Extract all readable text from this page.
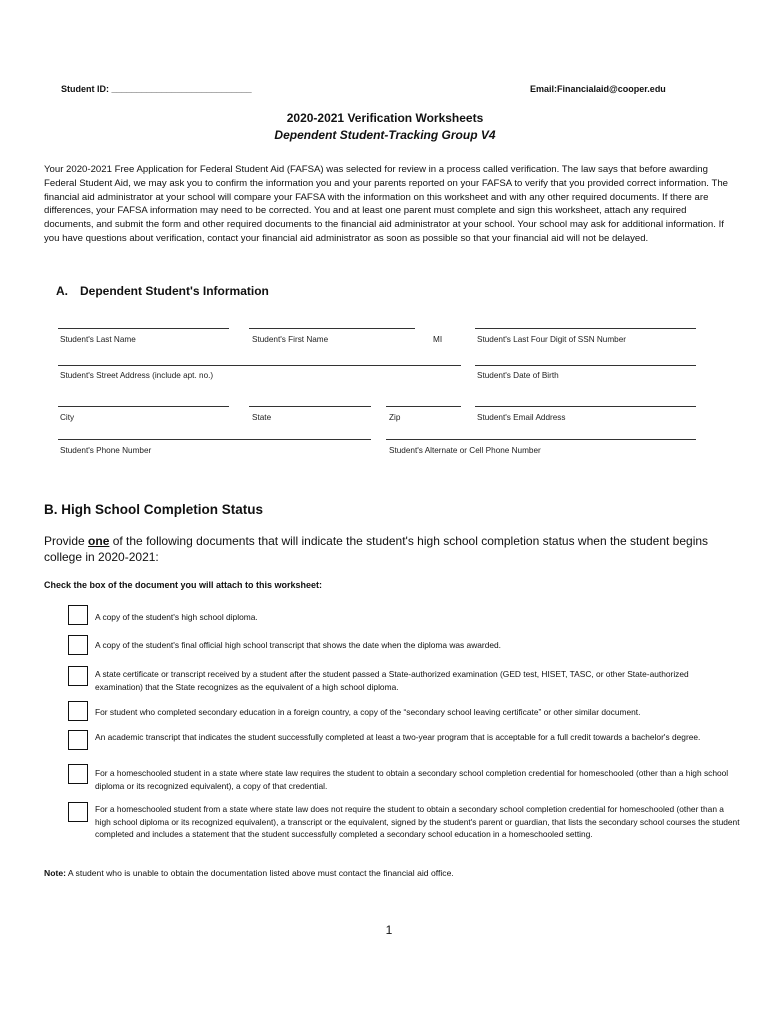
Student ID: ____________________________	Email:Financialaid@cooper.edu
2020-2021 Verification Worksheets
Dependent Student-Tracking Group V4
Your 2020-2021 Free Application for Federal Student Aid (FAFSA) was selected for review in a process called verification. The law says that before awarding Federal Student Aid, we may ask you to confirm the information you and your parents reported on your FAFSA to verify that you provided correct information. The financial aid administrator at your school will compare your FAFSA with the information on this worksheet and with any other required documents. If there are differences, your FAFSA information may need to be corrected. You and at least one parent must complete and sign this worksheet, attach any required documents, and submit the form and other required documents to the financial aid administrator at your school. Your school may ask for additional information. If you have questions about verification, contact your financial aid administrator as soon as possible so that your financial aid will not be delayed.
A. Dependent Student's Information
Student's Last Name	Student's First Name	MI	Student's Last Four Digit of SSN Number
Student's Street Address (include apt. no.)	Student's Date of Birth
City	State	Zip	Student's Email Address
Student's Phone Number	Student's Alternate or Cell Phone Number
B. High School Completion Status
Provide one of the following documents that will indicate the student's high school completion status when the student begins college in 2020-2021:
Check the box of the document you will attach to this worksheet:
A copy of the student's high school diploma.
A copy of the student's final official high school transcript that shows the date when the diploma was awarded.
A state certificate or transcript received by a student after the student passed a State-authorized examination (GED test, HISET, TASC, or other State-authorized examination) that the State recognizes as the equivalent of a high school diploma.
For student who completed secondary education in a foreign country, a copy of the “secondary school leaving certificate” or other similar document.
An academic transcript that indicates the student successfully completed at least a two-year program that is acceptable for a full credit towards a bachelor's degree.
For a homeschooled student in a state where state law requires the student to obtain a secondary school completion credential for homeschooled (other than a high school diploma or its recognized equivalent), a copy of that credential.
For a homeschooled student from a state where state law does not require the student to obtain a secondary school completion credential for homeschooled (other than a high school diploma or its recognized equivalent), a transcript or the equivalent, signed by the student's parent or guardian, that lists the secondary school courses the student completed and includes a statement that the student successfully completed a secondary school education in a homeschooled setting.
Note: A student who is unable to obtain the documentation listed above must contact the financial aid office.
1
